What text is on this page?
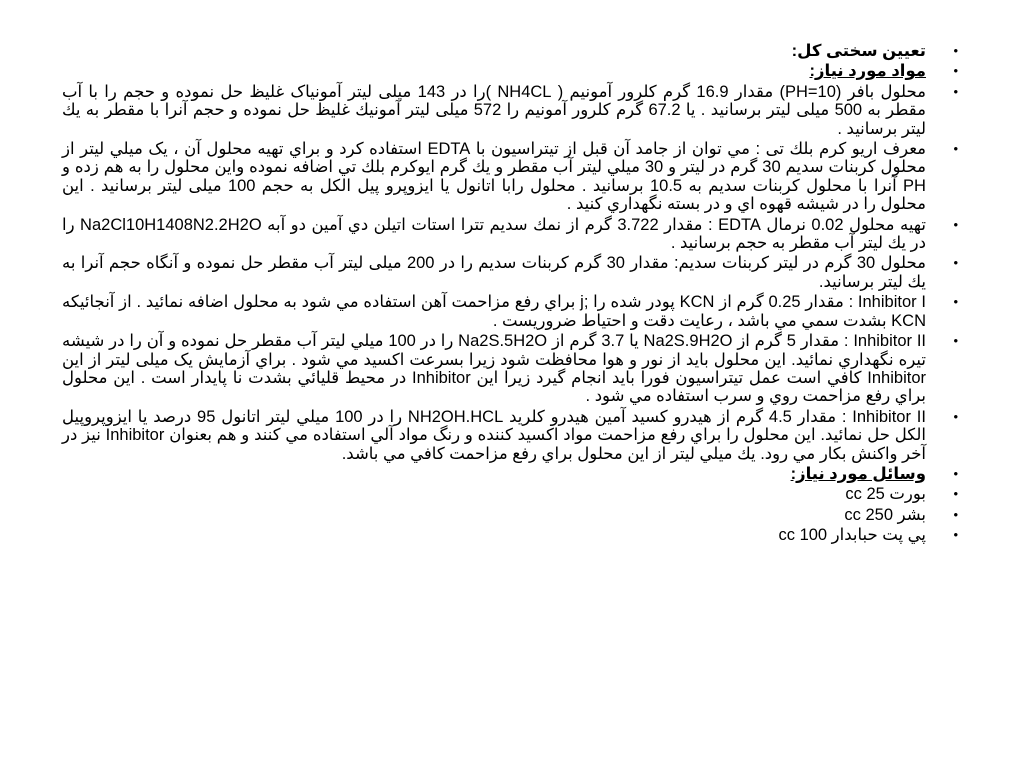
•
تعیین سختی کل:
•
مواد مورد نیاز:
•
محلول بافر (PH=10) مقدار 16.9 گرم کلرور آمونیم ( NH4CL )را در 143 میلی لیتر آمونیاک غلیظ حل نموده و حجم را با آب مقطر به 500 میلی لیتر برسانید . یا 67.2 گرم کلرور آمونیم را 572 میلی لیتر آمونیك غلیظ حل نموده و حجم آنرا با مقطر به یك لیتر برسانید .
•
معرف اریو کرم بلك تی : مي توان از جامد آن قبل از تیتراسیون با EDTA استفاده کرد و براي تهیه محلول آن ، یک ميلي لیتر از محلول کربنات سدیم 30 گرم در لیتر و 30 ميلي لیتر آب مقطر و یك گرم ایوکرم بلك تي اضافه نموده واین محلول را به هم زده و PH آنرا با محلول کربنات سدیم به 10.5 برسانید . محلول رابا اتانول یا ایزوپرو پیل الكل به حجم 100 میلی لیتر برسانید . این محلول را در شیشه قهوه اي و در بسته نگهداري کنید .
•
تهیه محلول 0.02 نرمال EDTA : مقدار 3.722 گرم از نمك سدیم تترا استات اتیلن دي آمین دو آبه Na2Cl10H1408N2.2H2O را در یك لیتر آب مقطر به حجم برسانید .
•
محلول 30 گرم در لیتر کربنات سدیم: مقدار 30 گرم کربنات سدیم را در 200 میلی لیتر آب مقطر حل نموده و آنگاه حجم آنرا به یك لیتر برسانید.
•
Inhibitor I : مقدار 0.25 گرم از KCN پودر شده را ;j براي رفع مزاحمت آهن استفاده مي شود به محلول اضافه نمائید . از آنجائیكه KCN بشدت سمي مي باشد ، رعایت دقت و احتیاط ضروریست .
•
Inhibitor II : مقدار 5 گرم از Na2S.9H2O یا 3.7 گرم از Na2S.5H2O را در 100 میلي لیتر آب مقطر حل نموده و آن را در شیشه تیره نگهداري نمائید. این محلول باید از نور و هوا محافظت شود زیرا بسرعت اکسید مي شود . براي آزمایش یک میلی لیتر از این Inhibitor کافي است عمل تیتراسیون فورا باید انجام گیرد زیرا این Inhibitor در محیط قلیائي بشدت نا پایدار است . این محلول براي رفع مزاحمت روي و سرب استفاده مي شود .
•
Inhibitor II : مقدار 4.5 گرم از هیدرو کسید آمین هیدرو کلرید NH2OH.HCL را در 100 ميلي لیتر اتانول 95 درصد یا ایزوپروپیل الكل حل نمائید. این محلول را براي رفع مزاحمت مواد اکسید کننده و رنگ مواد آلي استفاده مي کنند و هم بعنوان Inhibitor نیز در آخر واکنش بكار مي رود. یك ميلي لیتر از این محلول براي رفع مزاحمت کافي مي باشد.
•
وسائل مورد نیاز:
•
بورت 25 cc
•
بشر 250 cc
•
پي پت حبابدار 100 cc
